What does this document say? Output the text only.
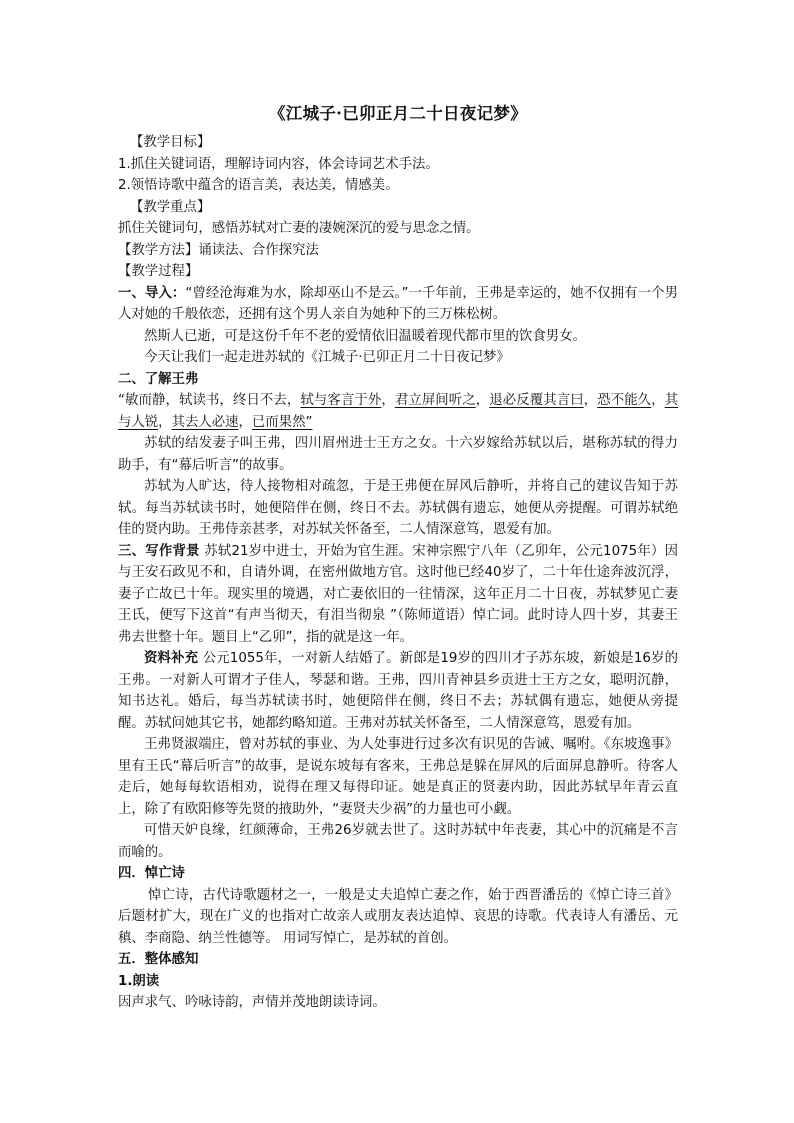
《江城子·已卯正月二十日夜记梦》

【教学目标】

1.抓住关键词语，理解诗词内容，体会诗词艺术手法。

2.领悟诗歌中蕴含的语言美，表达美，情感美。

【教学重点】

抓住关键词句，感悟苏轼对亡妻的凄婉深沉的爱与思念之情。

【教学方法】诵读法、合作探究法

【教学过程】

一、导入：“曾经沧海难为水，除却巫山不是云。”一千年前，王弗是幸运的，她不仅拥有一个男人对她的千般依恋，还拥有这个男人亲自为她种下的三万株松树。

然斯人已逝，可是这份千年不老的爱情依旧温暖着现代都市里的饮食男女。

今天让我们一起走进苏轼的《江城子·已卯正月二十日夜记梦》

二、了解王弗

“敏而静，轼读书，终日不去，轼与客言于外，君立屏间听之，退必反覆其言曰，恐不能久，其与人锐，其去人必速，已而果然”

苏轼的结发妻子叫王弗，四川眉州进士王方之女。十六岁嫁给苏轼以后，堪称苏轼的得力助手，有“幕后听言”的故事。

苏轼为人旷达，待人接物相对疏忽，于是王弗便在屏风后静听，并将自己的建议告知于苏轼。每当苏轼读书时，她便陪伴在侧，终日不去。苏轼偶有遗忘，她便从旁提醒。可谓苏轼绝佳的贤内助。王弗侍亲甚孝，对苏轼关怀备至，二人情深意笃，恩爱有加。

三、写作背景 苏轼21岁中进士，开始为官生涯。宋神宗熙宁八年（乙卯年，公元1075年）因与王安石政见不和，自请外调，在密州做地方官。这时他已经40岁了，二十年仕途奔波沉浮，妻子亡故已十年。现实里的境遇，对亡妻依旧的一往情深，这年正月二十日夜，苏轼梦见亡妻王氏，便写下这首“有声当彻天，有泪当彻泉 ”（陈师道语）悼亡词。此时诗人四十岁，其妻王弗去世整十年。题目上“乙卯”，指的就是这一年。

资料补充 公元1055年，一对新人结婚了。新郎是19岁的四川才子苏东坡，新娘是16岁的王弗。一对新人可谓才子佳人，琴瑟和谐。王弗，四川青神县乡贡进士王方之女，聪明沉静，知书达礼。婚后，每当苏轼读书时，她便陪伴在侧，终日不去；苏轼偶有遗忘，她便从旁提醒。苏轼问她其它书，她都约略知道。王弗对苏轼关怀备至，二人情深意笃，恩爱有加。

王弗贤淑端庄，曾对苏轼的事业、为人处事进行过多次有识见的告诫、嘱咐。《东坡逸事》里有王氏“幕后听言”的故事，是说东坡每有客来，王弗总是躲在屏风的后面屏息静听。待客人走后，她每每软语相劝，说得在理又每得印证。她是真正的贤妻内助，因此苏轼早年青云直上，除了有欧阳修等先贤的掖助外，“妻贤夫少祸”的力量也可小觑。

可惜天妒良缘，红颜薄命，王弗26岁就去世了。这时苏轼中年丧妻，其心中的沉痛是不言而喻的。

四．悼亡诗

悼亡诗，古代诗歌题材之一，一般是丈夫追悼亡妻之作，始于西晋潘岳的《悼亡诗三首》后题材扩大，现在广义的也指对亡故亲人或朋友表达追悼、哀思的诗歌。代表诗人有潘岳、元稹、李商隐、纳兰性德等。 用词写悼亡，是苏轼的首创。

五．整体感知

1.朗读

因声求气、吟咏诗韵，声情并茂地朗读诗词。
